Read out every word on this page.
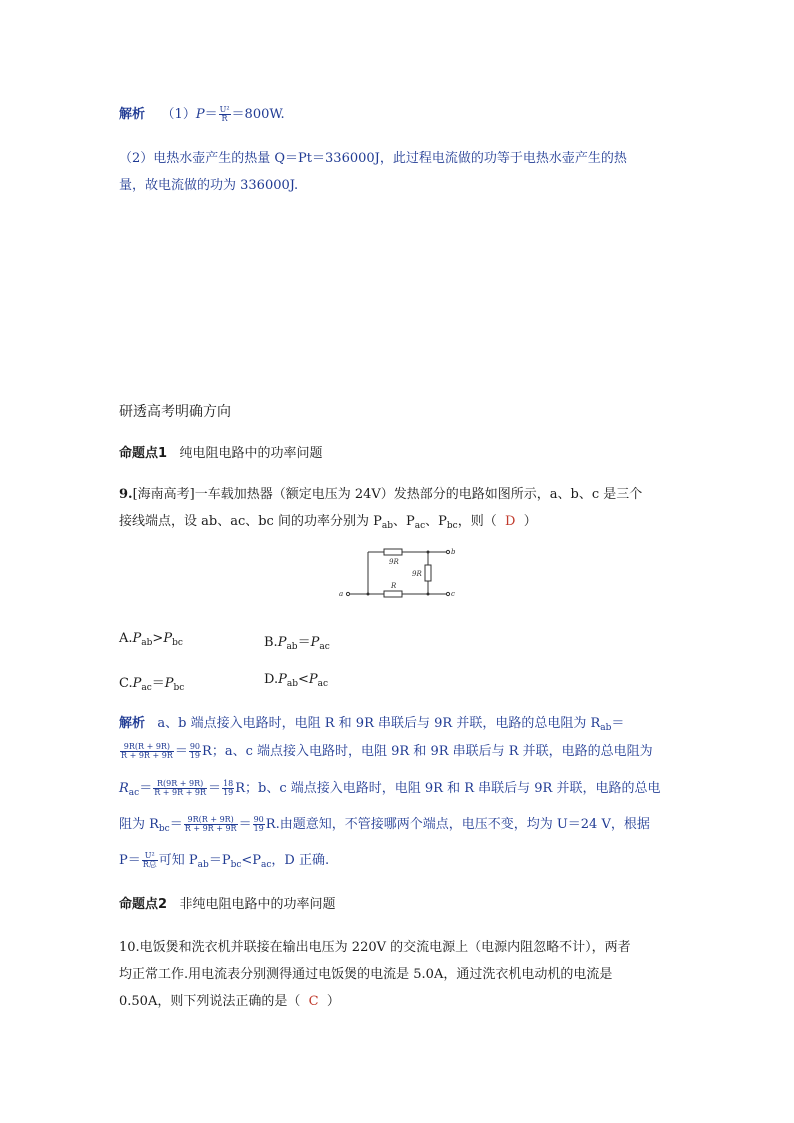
解析 $(1)P= \frac{\text{U²}}{R} =800W$.
（2）电热水壶产生的热量 Q＝Pt＝336000J，此过程电流做的功等于电热水壶产生的热
量，故电流做的功为 336000J.
研透高考明确方向
命题点1 纯电阻电路中的功率问题
9.[海南高考]一车载加热器（额定电压为 24V）发热部分的电路如图所示，a、b、c 是三个
接线端点，设 ab、ac、bc 间的功率分别为 $P_{ab}$、$P_{ac}$、$P_{bc}$，则（ D ）
9R
9R
R
a
b
c
$A.P_{ab}>P_{bc}$	$B.P_{ab}=P_{ac}$
$C.P_{ac}=P_{bc}$
$D.P_{ab}<P_{ac}$
解析 a、b 端点接入电路时，电阻 R 和 9R 串联后与 9R 并联，电路的总电阻为 $R_{ab}=$
$\frac{9R(R + 9R)}{R + 9R + 9R} = \frac{90}{19}$ R；a、c 端点接入电路时，电阻 9R 和 9R 串联后与 R 并联，电路的总电阻为
$R_{ac}= \frac{R(9R + 9R)}{R + 9R + 9R} = \frac{18}{19}$ R；b、c 端点接入电路时，电阻 9R 和 R 串联后与 9R 并联，电路的总电
阻为 $R_{bc}= \frac{9R(R + 9R)}{R + 9R + 9R} = \frac{90}{19} R$.由题意知，不管接哪两个端点，电压不变，均为 U＝24 V，根据
$P= \frac{\text{U²}}{\text{R总}}$ 可知 $P_{ab}=P_{bc}<P_{ac}$，D 正确.
命题点2 非纯电阻电路中的功率问题
10.电饭煲和洗衣机并联接在输出电压为 220V 的交流电源上（电源内阻忽略不计），两者
均正常工作.用电流表分别测得通过电饭煲的电流是 5.0A，通过洗衣机电动机的电流是
0.50A，则下列说法正确的是（ C ）
